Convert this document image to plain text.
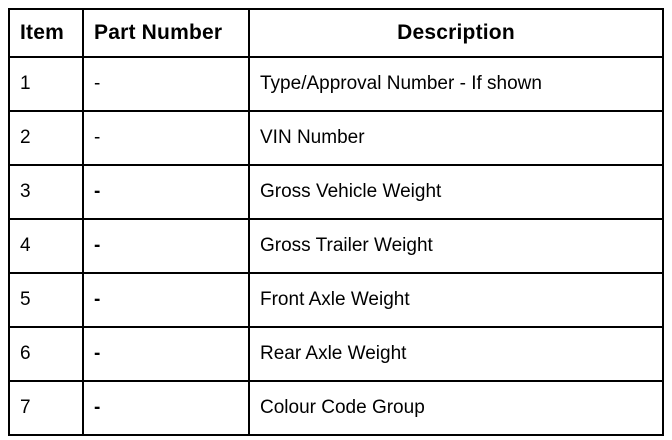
Item	Part Number	Description
1	-	Type/Approval Number - If shown
2	-	VIN Number
3	-	Gross Vehicle Weight
4	-	Gross Trailer Weight
5	-	Front Axle Weight
6	-	Rear Axle Weight
7	-	Colour Code Group
